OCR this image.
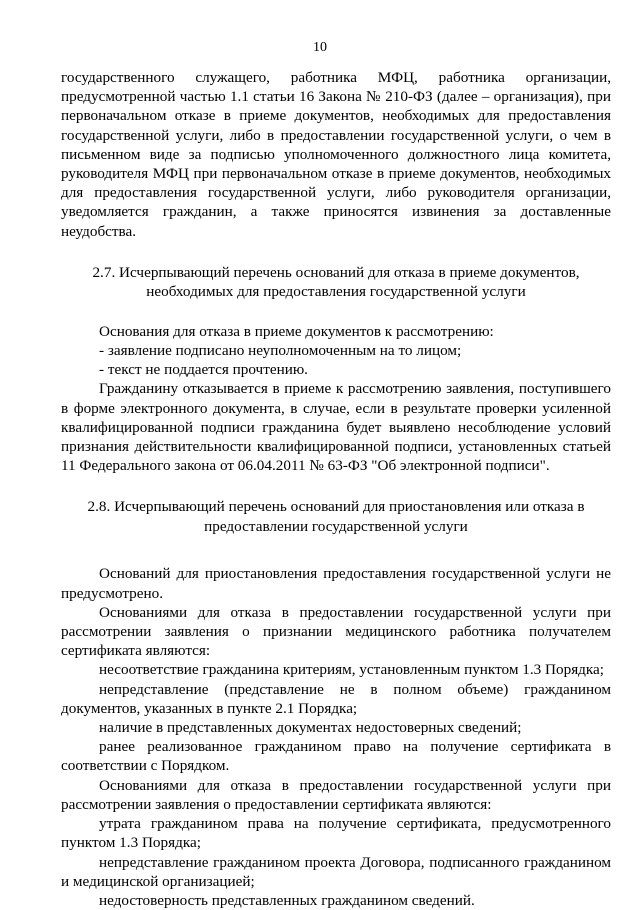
10

государственного служащего, работника МФЦ, работника организации, предусмотренной частью 1.1 статьи 16 Закона № 210-ФЗ (далее – организация), при первоначальном отказе в приеме документов, необходимых для предоставления государственной услуги, либо в предоставлении государственной услуги, о чем в письменном виде за подписью уполномоченного должностного лица комитета, руководителя МФЦ при первоначальном отказе в приеме документов, необходимых для предоставления государственной услуги, либо руководителя организации, уведомляется гражданин, а также приносятся извинения за доставленные неудобства.

2.7. Исчерпывающий перечень оснований для отказа в приеме документов, необходимых для предоставления государственной услуги

Основания для отказа в приеме документов к рассмотрению:

- заявление подписано неуполномоченным на то лицом;

- текст не поддается прочтению.

Гражданину отказывается в приеме к рассмотрению заявления, поступившего в форме электронного документа, в случае, если в результате проверки усиленной квалифицированной подписи гражданина будет выявлено несоблюдение условий признания действительности квалифицированной подписи, установленных статьей 11 Федерального закона от 06.04.2011 № 63-ФЗ "Об электронной подписи".

2.8. Исчерпывающий перечень оснований для приостановления или отказа в предоставлении государственной услуги

Оснований для приостановления предоставления государственной услуги не предусмотрено.

Основаниями для отказа в предоставлении государственной услуги при рассмотрении заявления о признании медицинского работника получателем сертификата являются:

несоответствие гражданина критериям, установленным пунктом 1.3 Порядка;

непредставление (представление не в полном объеме) гражданином документов, указанных в пункте 2.1 Порядка;

наличие в представленных документах недостоверных сведений;

ранее реализованное гражданином право на получение сертификата в соответствии с Порядком.

Основаниями для отказа в предоставлении государственной услуги при рассмотрении заявления о предоставлении сертификата являются:

утрата гражданином права на получение сертификата, предусмотренного пунктом 1.3 Порядка;

непредставление гражданином проекта Договора, подписанного гражданином и медицинской организацией;

недостоверность представленных гражданином сведений.
